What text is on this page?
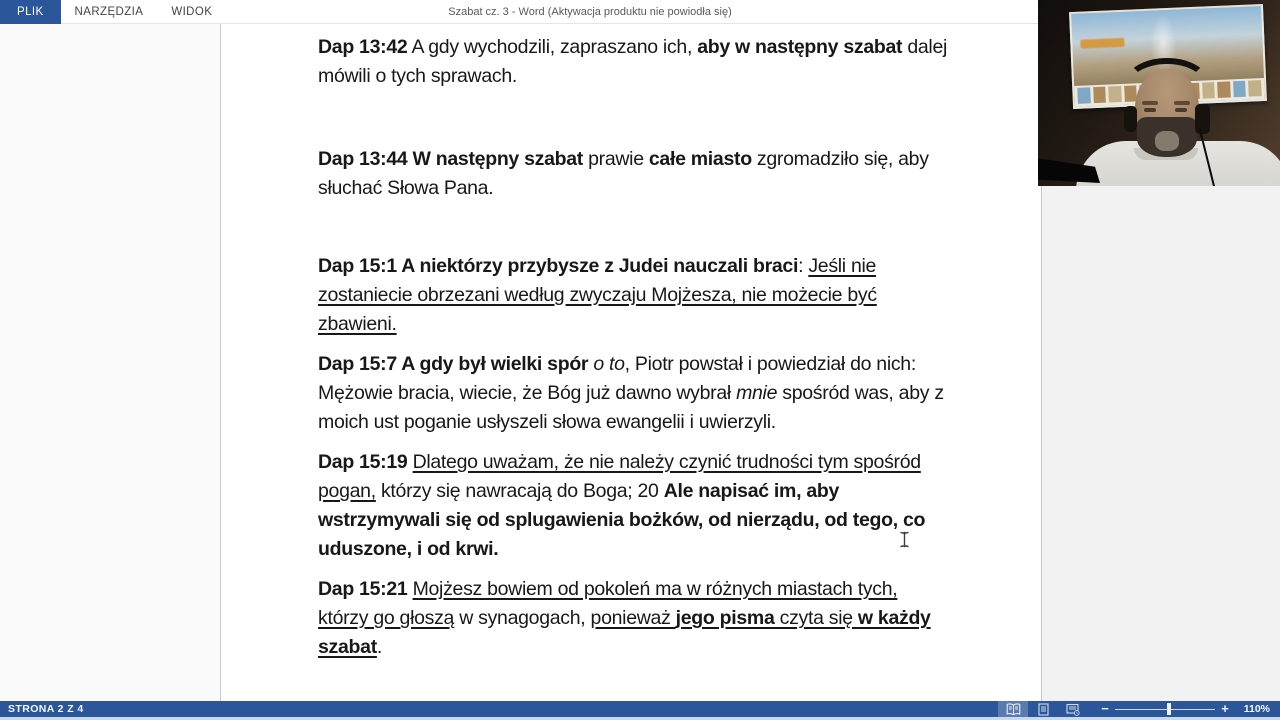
PLIK	NARZĘDZIA	WIDOK	Szabat cz. 3 - Word (Aktywacja produktu nie powiodła się)

Dap 13:42 A gdy wychodzili, zapraszano ich, aby w następny szabat dalej mówili o tych sprawach.

Dap 13:44 W następny szabat prawie całe miasto zgromadziło się, aby słuchać Słowa Pana.

Dap 15:1 A niektórzy przybysze z Judei nauczali braci: Jeśli nie zostaniecie obrzezani według zwyczaju Mojżesza, nie możecie być zbawieni.

Dap 15:7 A gdy był wielki spór o to, Piotr powstał i powiedział do nich: Mężowie bracia, wiecie, że Bóg już dawno wybrał mnie spośród was, aby z moich ust poganie usłyszeli słowa ewangelii i uwierzyli.

Dap 15:19 Dlatego uważam, że nie należy czynić trudności tym spośród pogan, którzy się nawracają do Boga; 20 Ale napisać im, aby wstrzymywali się od splugawienia bożków, od nierządu, od tego, co uduszone, i od krwi.

Dap 15:21 Mojżesz bowiem od pokoleń ma w różnych miastach tych, którzy go głoszą w synagogach, ponieważ jego pisma czyta się w każdy szabat.

STRONA 2 Z 4	−	+	110%
